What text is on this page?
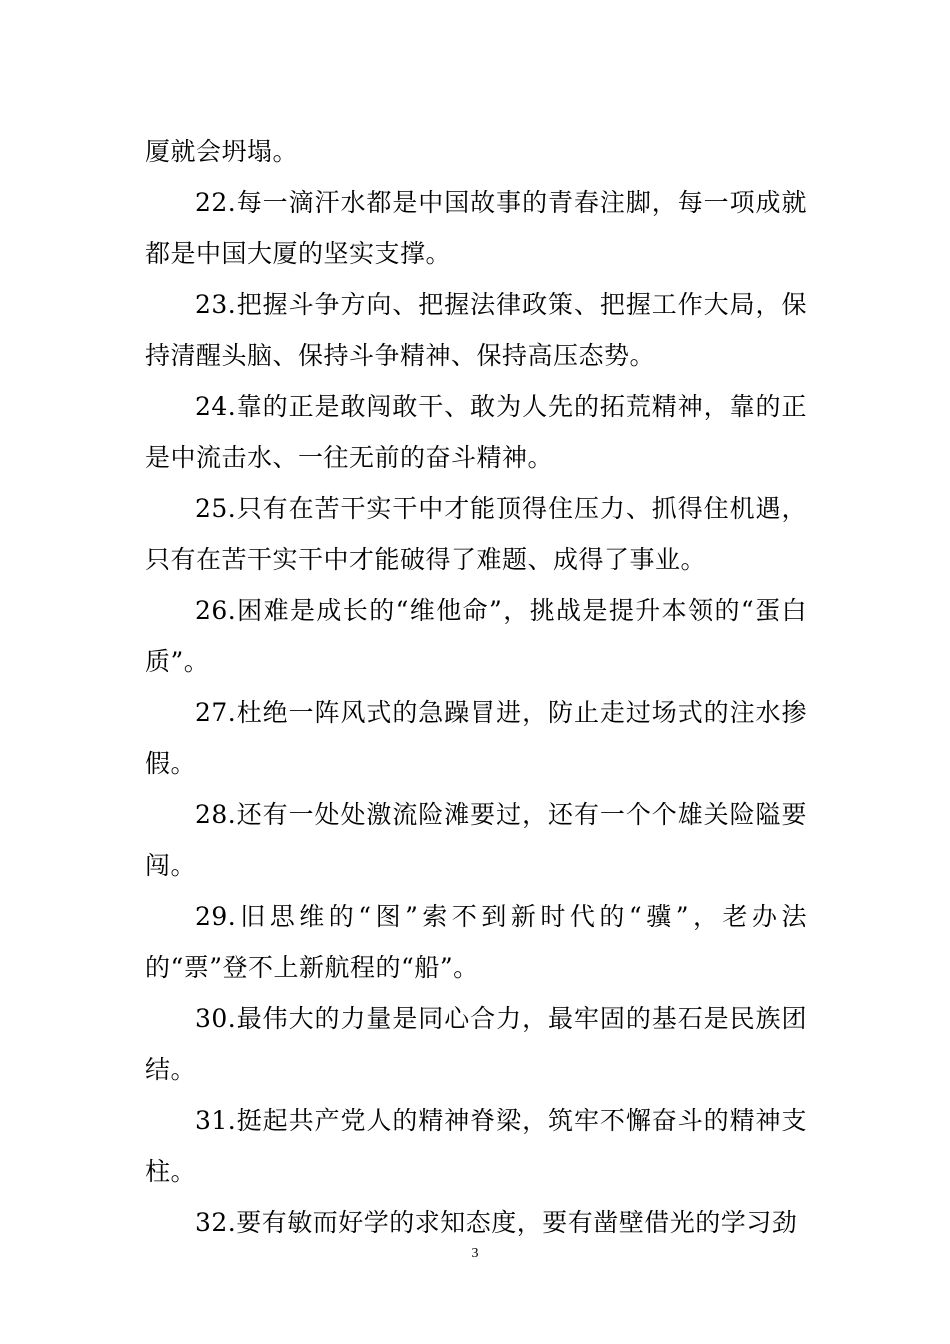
厦就会坍塌。

22.每一滴汗水都是中国故事的青春注脚，每一项成就都是中国大厦的坚实支撑。

23.把握斗争方向、把握法律政策、把握工作大局，保持清醒头脑、保持斗争精神、保持高压态势。

24.靠的正是敢闯敢干、敢为人先的拓荒精神，靠的正是中流击水、一往无前的奋斗精神。

25.只有在苦干实干中才能顶得住压力、抓得住机遇，只有在苦干实干中才能破得了难题、成得了事业。

26.困难是成长的“维他命”，挑战是提升本领的“蛋白质”。

27.杜绝一阵风式的急躁冒进，防止走过场式的注水掺假。

28.还有一处处激流险滩要过，还有一个个雄关险隘要闯。

29.旧思维的“图”索不到新时代的“骥”，老办法的“票”登不上新航程的“船”。

30.最伟大的力量是同心合力，最牢固的基石是民族团结。

31.挺起共产党人的精神脊梁，筑牢不懈奋斗的精神支柱。

32.要有敏而好学的求知态度，要有凿壁借光的学习劲

3
